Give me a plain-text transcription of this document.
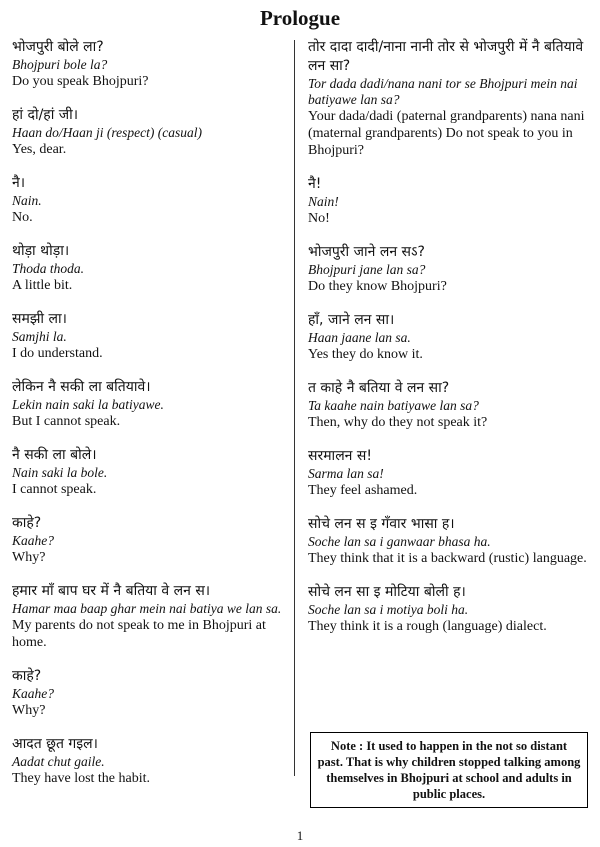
Prologue
भोजपुरी बोले ला?
Bhojpuri bole la?
Do you speak Bhojpuri?
हां दो/हां जी।
Haan do/Haan ji (respect) (casual)
Yes, dear.
नै।
Nain.
No.
थोड़ा थोड़ा।
Thoda thoda.
A little bit.
समझी ला।
Samjhi la.
I do understand.
लेकिन नै सकी ला बतियावे।
Lekin nain saki la batiyawe.
But I cannot speak.
नै सकी ला बोले।
Nain saki la bole.
I cannot speak.
काहे?
Kaahe?
Why?
हमार माँ बाप घर में नै बतिया वे लन स।
Hamar maa baap ghar mein nai batiya we lan sa.
My parents do not speak to me in Bhojpuri at home.
काहे?
Kaahe?
Why?
आदत छूत गइल।
Aadat chut gaile.
They have lost the habit.
तोर दादा दादी/नाना नानी तोर से भोजपुरी में नै बतियावे लन सा?
Tor dada dadi/nana nani tor se Bhojpuri mein nai batiyawe lan sa?
Your dada/dadi (paternal grandparents) nana nani (maternal grandparents) Do not speak to you in Bhojpuri?
नै!
Nain!
No!
भोजपुरी जाने लन सऽ?
Bhojpuri jane lan sa?
Do they know Bhojpuri?
हाँ, जाने लन सा।
Haan jaane lan sa.
Yes they do know it.
त काहे नै बतिया वे लन सा?
Ta kaahe nain batiyawe lan sa?
Then, why do they not speak it?
सरमालन स!
Sarma lan sa!
They feel ashamed.
सोचे लन स इ गँवार भासा ह।
Soche lan sa i ganwaar bhasa ha.
They think that it is a backward (rustic) language.
सोचे लन सा इ मोटिया बोली ह।
Soche lan sa i motiya boli ha.
They think it is a rough (language) dialect.
Note : It used to happen in the not so distant past. That is why children stopped talking among themselves in Bhojpuri at school and adults in public places.
1
